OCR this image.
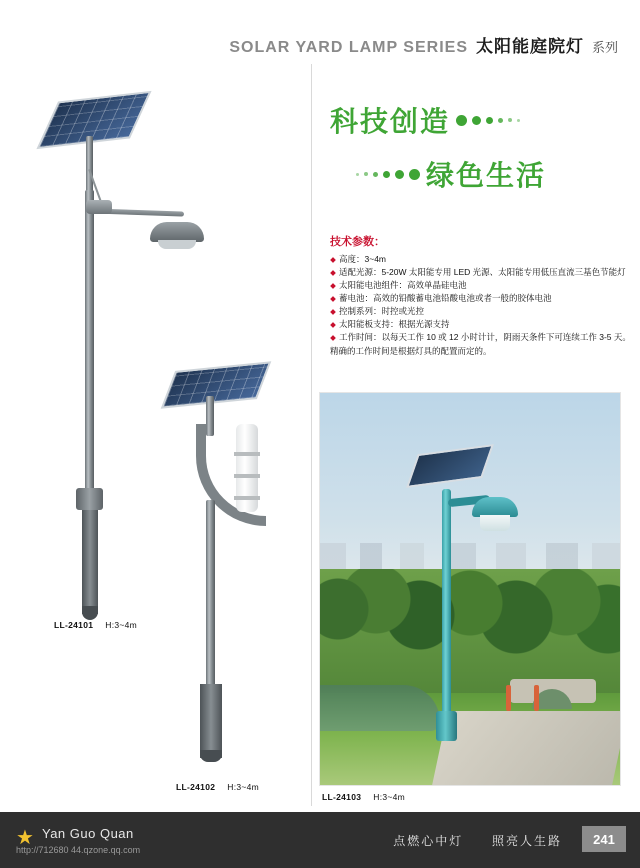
SOLAR YARD LAMP SERIES 太阳能庭院灯 系列
科技创造
绿色生活
技术参数：
高度：3~4m
适配光源：5-20W 太阳能专用 LED 光源、太阳能专用低压直流三基色节能灯
太阳能电池组件：高效单晶硅电池
蓄电池：高效的铅酸蓄电池铅酸电池或者一般的胶体电池
控制系列：时控或光控
太阳能板支持：根据光源支持
工作时间：以每天工作 10 或 12 小时计计，阴雨天条件下可连续工作 3-5 天。
精确的工作时间是根据灯具的配置而定的。
LL-24101 H:3~4m
LL-24102 H:3~4m
LL-24103 H:3~4m
★ Yan Guo Quan
http://712680 44.qzone.qq.com
点燃心中灯 照亮人生路	241
